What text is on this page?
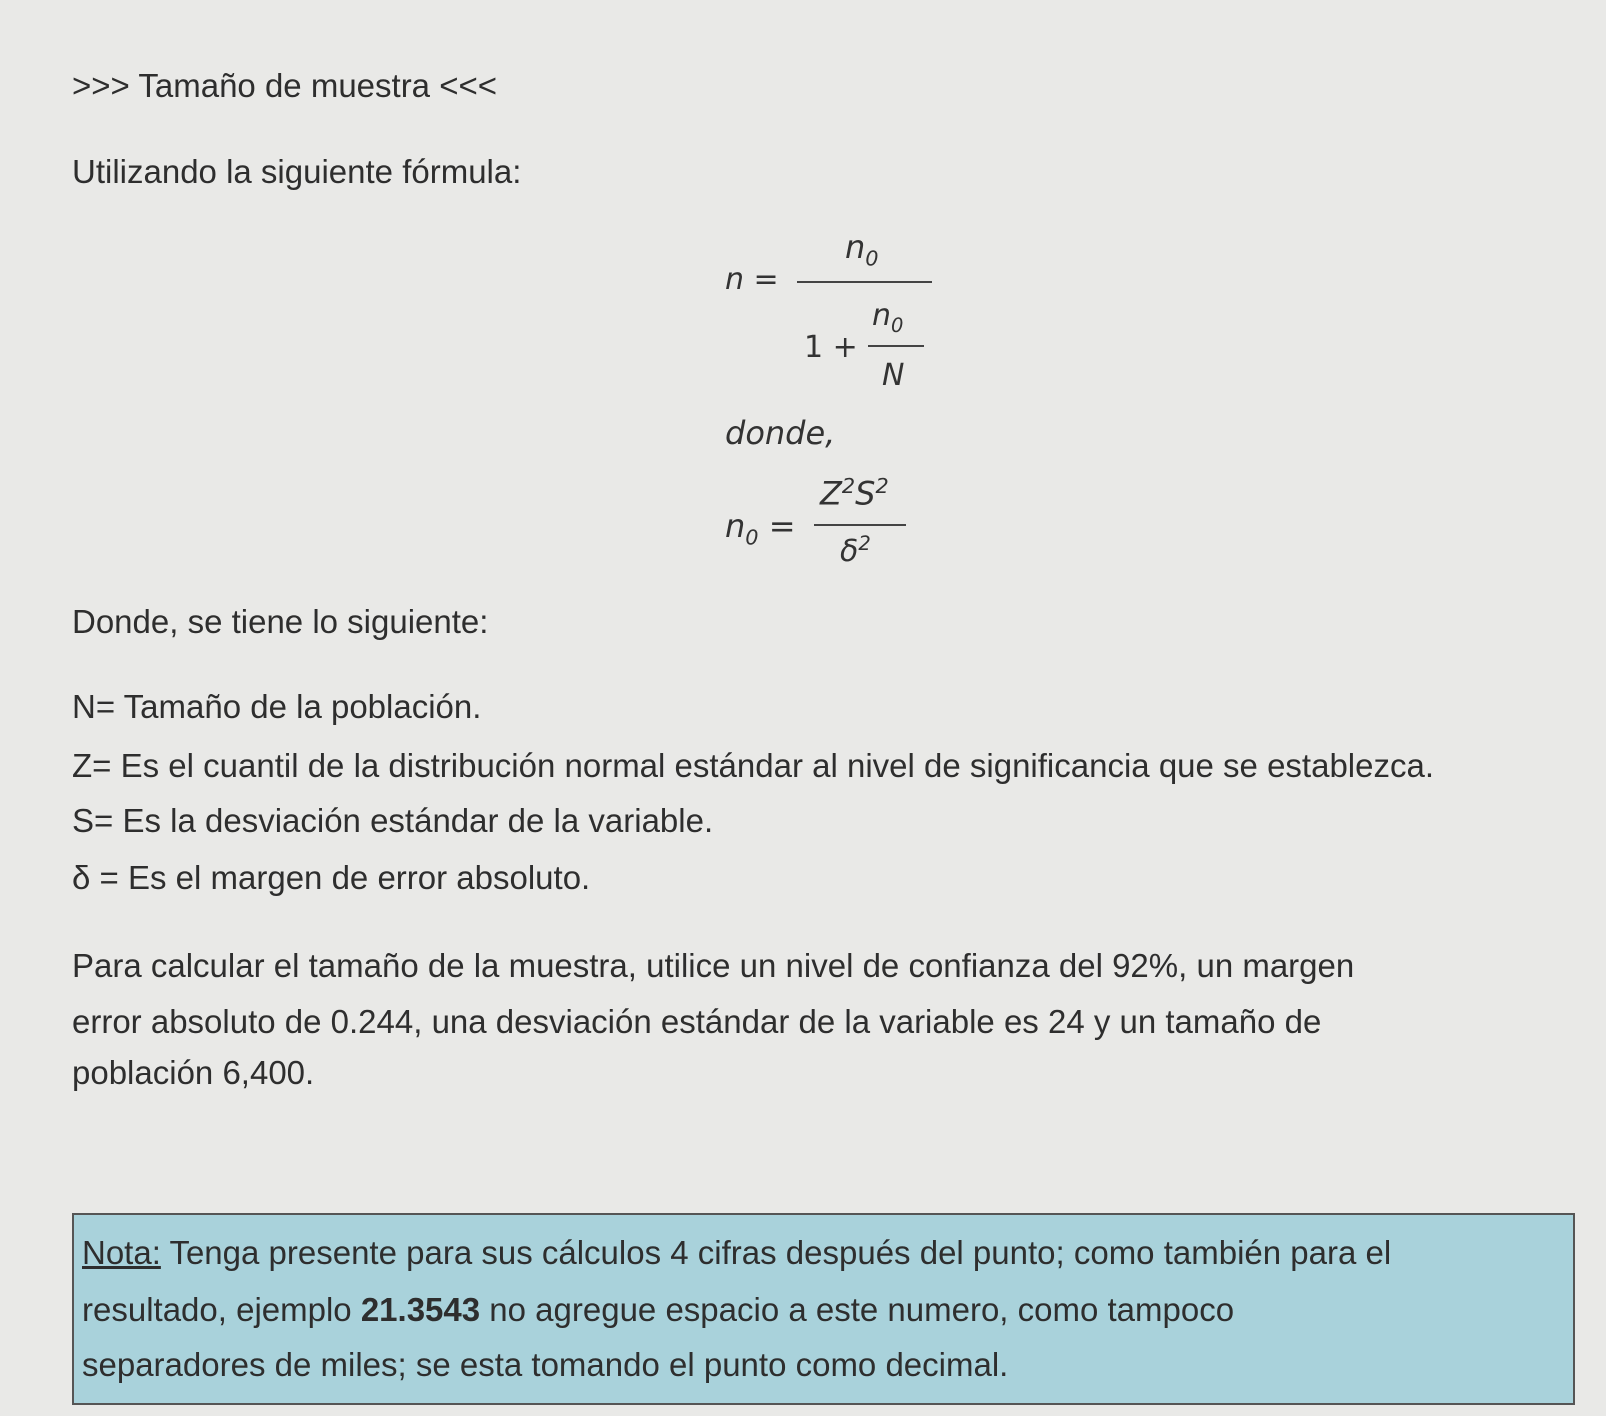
>>> Tamaño de muestra <<<
Utilizando la siguiente fórmula:
n =
$n_0$
1 +
$n_0$
N
donde,
$n_0$ =
$Z^2S^2$
$\delta^2$
Donde, se tiene lo siguiente:
N= Tamaño de la población.
Z= Es el cuantil de la distribución normal estándar al nivel de significancia que se establezca.
S= Es la desviación estándar de la variable.
δ = Es el margen de error absoluto.
Para calcular el tamaño de la muestra, utilice un nivel de confianza del 92%, un margen
error absoluto de 0.244, una desviación estándar de la variable es 24 y un tamaño de
población 6,400.
Nota: Tenga presente para sus cálculos 4 cifras después del punto; como también para el
resultado, ejemplo 21.3543 no agregue espacio a este numero, como tampoco
separadores de miles; se esta tomando el punto como decimal.
